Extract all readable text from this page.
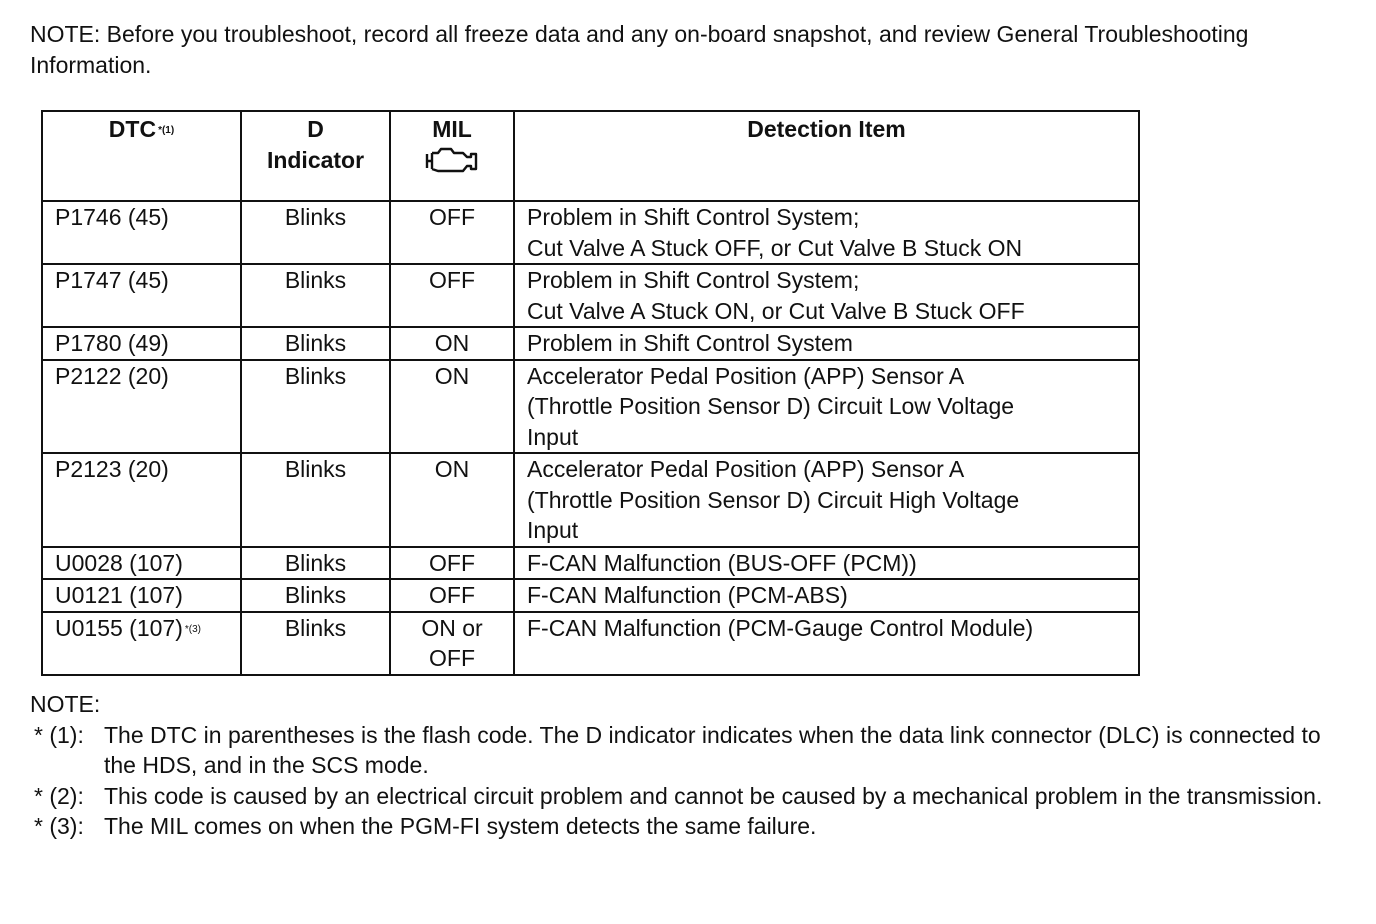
NOTE: Before you troubleshoot, record all freeze data and any on-board snapshot, and review General Troubleshooting Information.
DTC $^{*(1)}$	D
Indicator	MIL	Detection Item
P1746 (45)	Blinks	OFF	Problem in Shift Control System;
Cut Valve A Stuck OFF, or Cut Valve B Stuck ON

P1747 (45)	Blinks	OFF	Problem in Shift Control System;
Cut Valve A Stuck ON, or Cut Valve B Stuck OFF

P1780 (49)	Blinks	ON	Problem in Shift Control System

P2122 (20)	Blinks	ON	Accelerator Pedal Position (APP) Sensor A
(Throttle Position Sensor D) Circuit Low Voltage
Input

P2123 (20)	Blinks	ON	Accelerator Pedal Position (APP) Sensor A
(Throttle Position Sensor D) Circuit High Voltage
Input

U0028 (107)	Blinks	OFF	F-CAN Malfunction (BUS-OFF (PCM))

U0121 (107)	Blinks	OFF	F-CAN Malfunction (PCM-ABS)

U0155 (107) $^{*(3)}$	Blinks	ON or
OFF	F-CAN Malfunction (PCM-Gauge Control Module)
NOTE:
* (1): The DTC in parentheses is the flash code. The D indicator indicates when the data link connector (DLC) is connected to the HDS, and in the SCS mode.
* (2): This code is caused by an electrical circuit problem and cannot be caused by a mechanical problem in the transmission.
* (3): The MIL comes on when the PGM-FI system detects the same failure.
